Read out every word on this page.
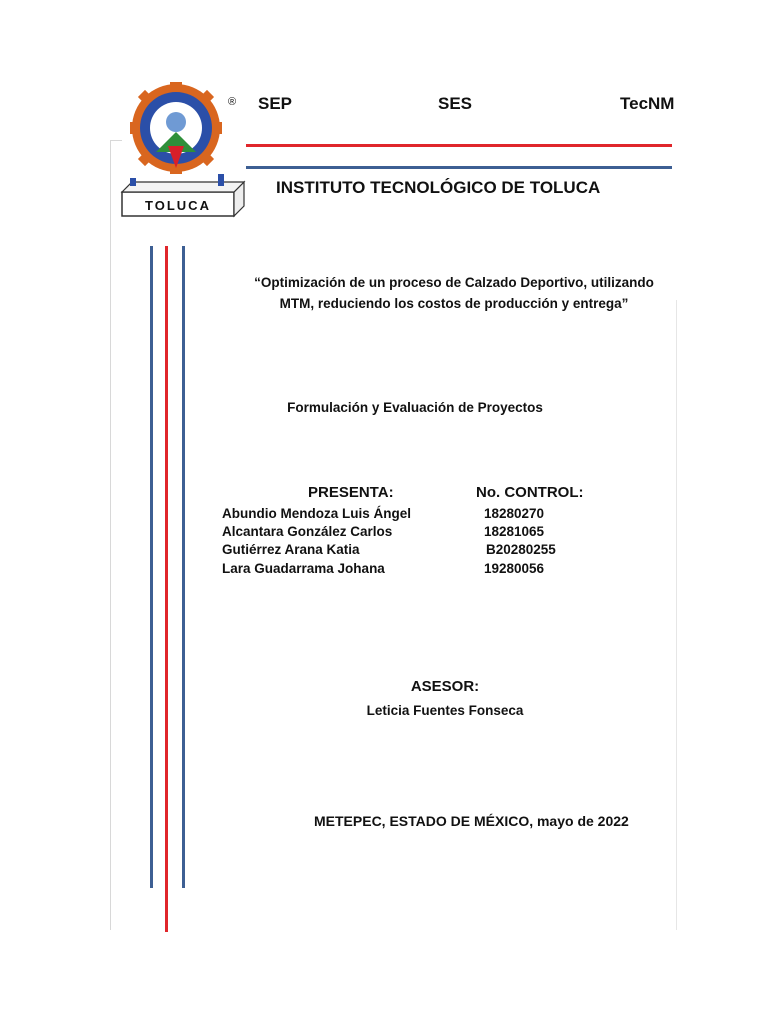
TOLUCA
® SEP	SES	TecNM
INSTITUTO TECNOLÓGICO DE TOLUCA
“Optimización de un proceso de Calzado Deportivo, utilizando
MTM, reduciendo los costos de producción y entrega”
Formulación y Evaluación de Proyectos
PRESENTA:	No. CONTROL:
Abundio Mendoza Luis Ángel	18280270
Alcantara González Carlos	18281065
Gutiérrez Arana Katia	B20280255
Lara Guadarrama Johana	19280056
ASESOR:
Leticia Fuentes Fonseca
METEPEC, ESTADO DE MÉXICO, mayo de 2022
